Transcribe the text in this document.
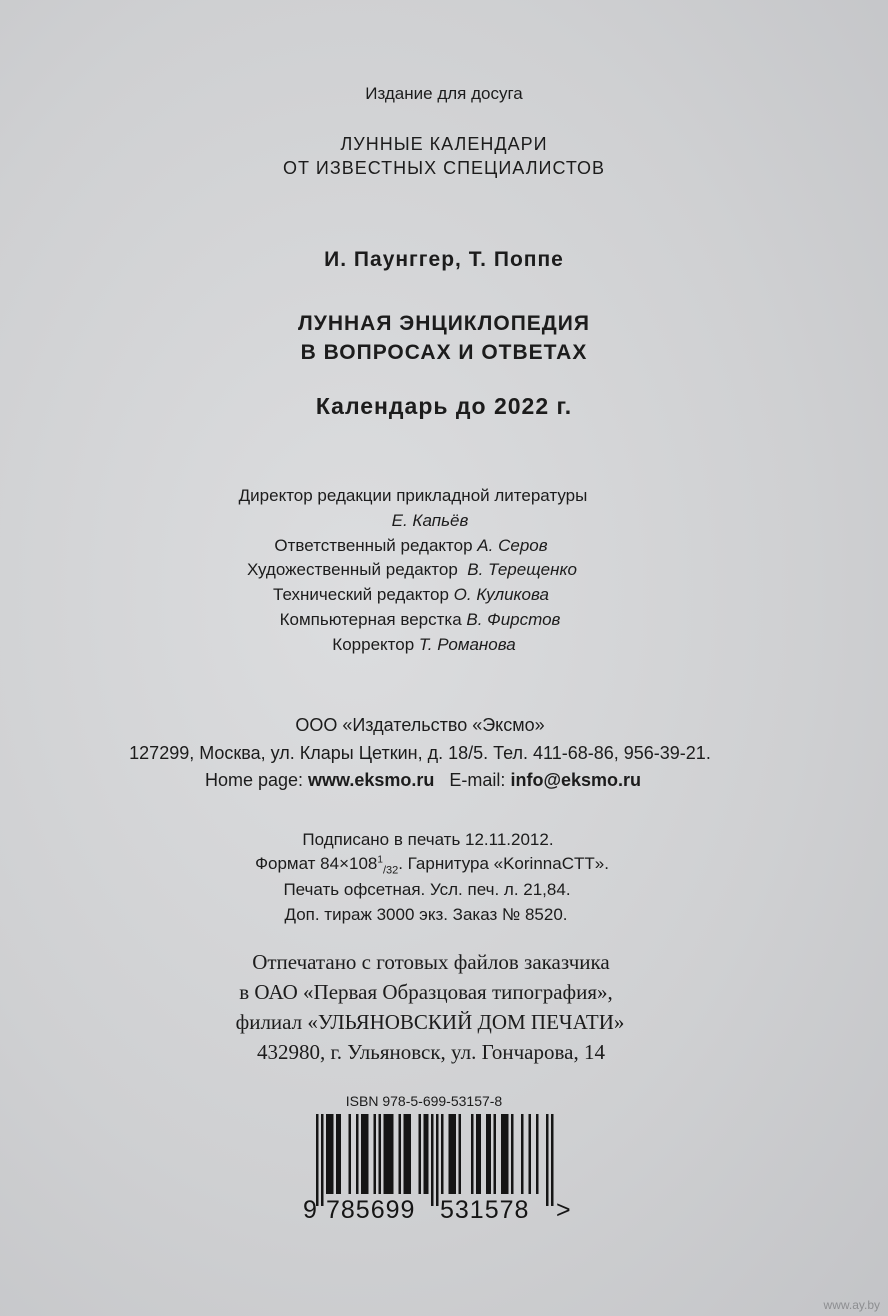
Издание для досуга
ЛУННЫЕ КАЛЕНДАРИ
ОТ ИЗВЕСТНЫХ СПЕЦИАЛИСТОВ
И. Паунггер, Т. Поппе
ЛУННАЯ ЭНЦИКЛОПЕДИЯ
В ВОПРОСАХ И ОТВЕТАХ
Календарь до 2022 г.
Директор редакции прикладной литературы
Е. Капьёв
Ответственный редактор А. Серов
Художественный редактор В. Терещенко
Технический редактор О. Куликова
Компьютерная верстка В. Фирстов
Корректор Т. Романова
ООО «Издательство «Эксмо»
127299, Москва, ул. Клары Цеткин, д. 18/5. Тел. 411-68-86, 956-39-21.
Home page: www.eksmo.ru E-mail: info@eksmo.ru
Подписано в печать 12.11.2012.
Формат $84\times 108^1_{/32}$. Гарнитура «KorinnaCTT».
Печать офсетная. Усл. печ. л. 21,84.
Доп. тираж 3000 экз. Заказ № 8520.
Отпечатано с готовых файлов заказчика
в ОАО «Первая Образцовая типография»,
филиал «УЛЬЯНОВСКИЙ ДОМ ПЕЧАТИ»
432980, г. Ульяновск, ул. Гончарова, 14
ISBN 978-5-699-53157-8
9 785699 531578 >
www.ay.by
